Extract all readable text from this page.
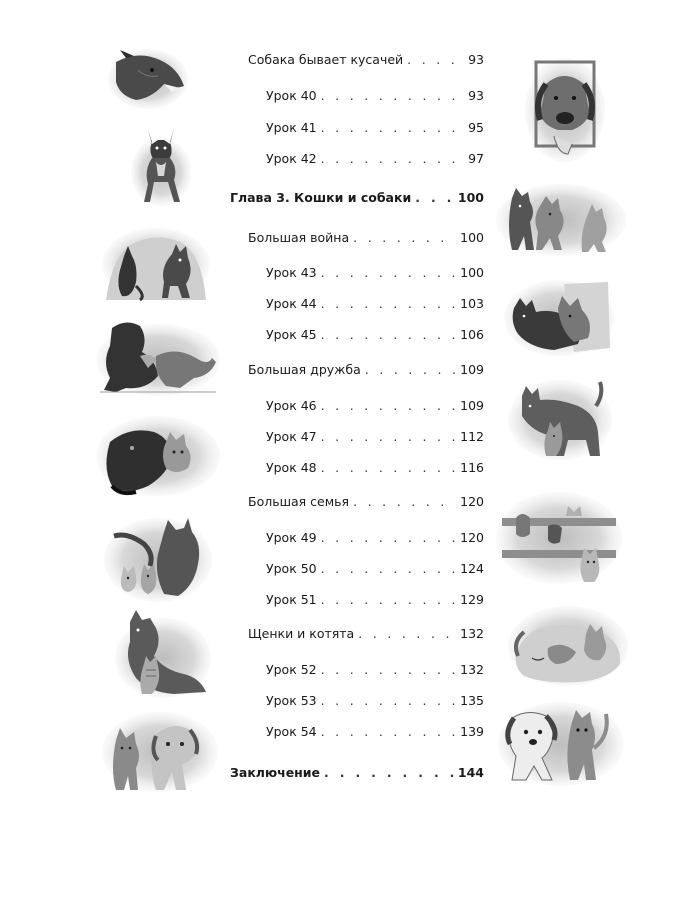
Собака бывает кусачей . . .	93
Урок 40 . . .	93
Урок 41 . . .	95
Урок 42 . . .	97
Глава 3. Кошки и собаки . . .	100
Большая война . . .	100
Урок 43 . . .	100
Урок 44 . . .	103
Урок 45 . . .	106
Большая дружба . . .	109
Урок 46 . . .	109
Урок 47 . . .	112
Урок 48 . . .	116
Большая семья . . .	120
Урок 49 . . .	120
Урок 50 . . .	124
Урок 51 . . .	129
Щенки и котята . . .	132
Урок 52 . . .	132
Урок 53 . . .	135
Урок 54 . . .	139
Заключение . . .	144
